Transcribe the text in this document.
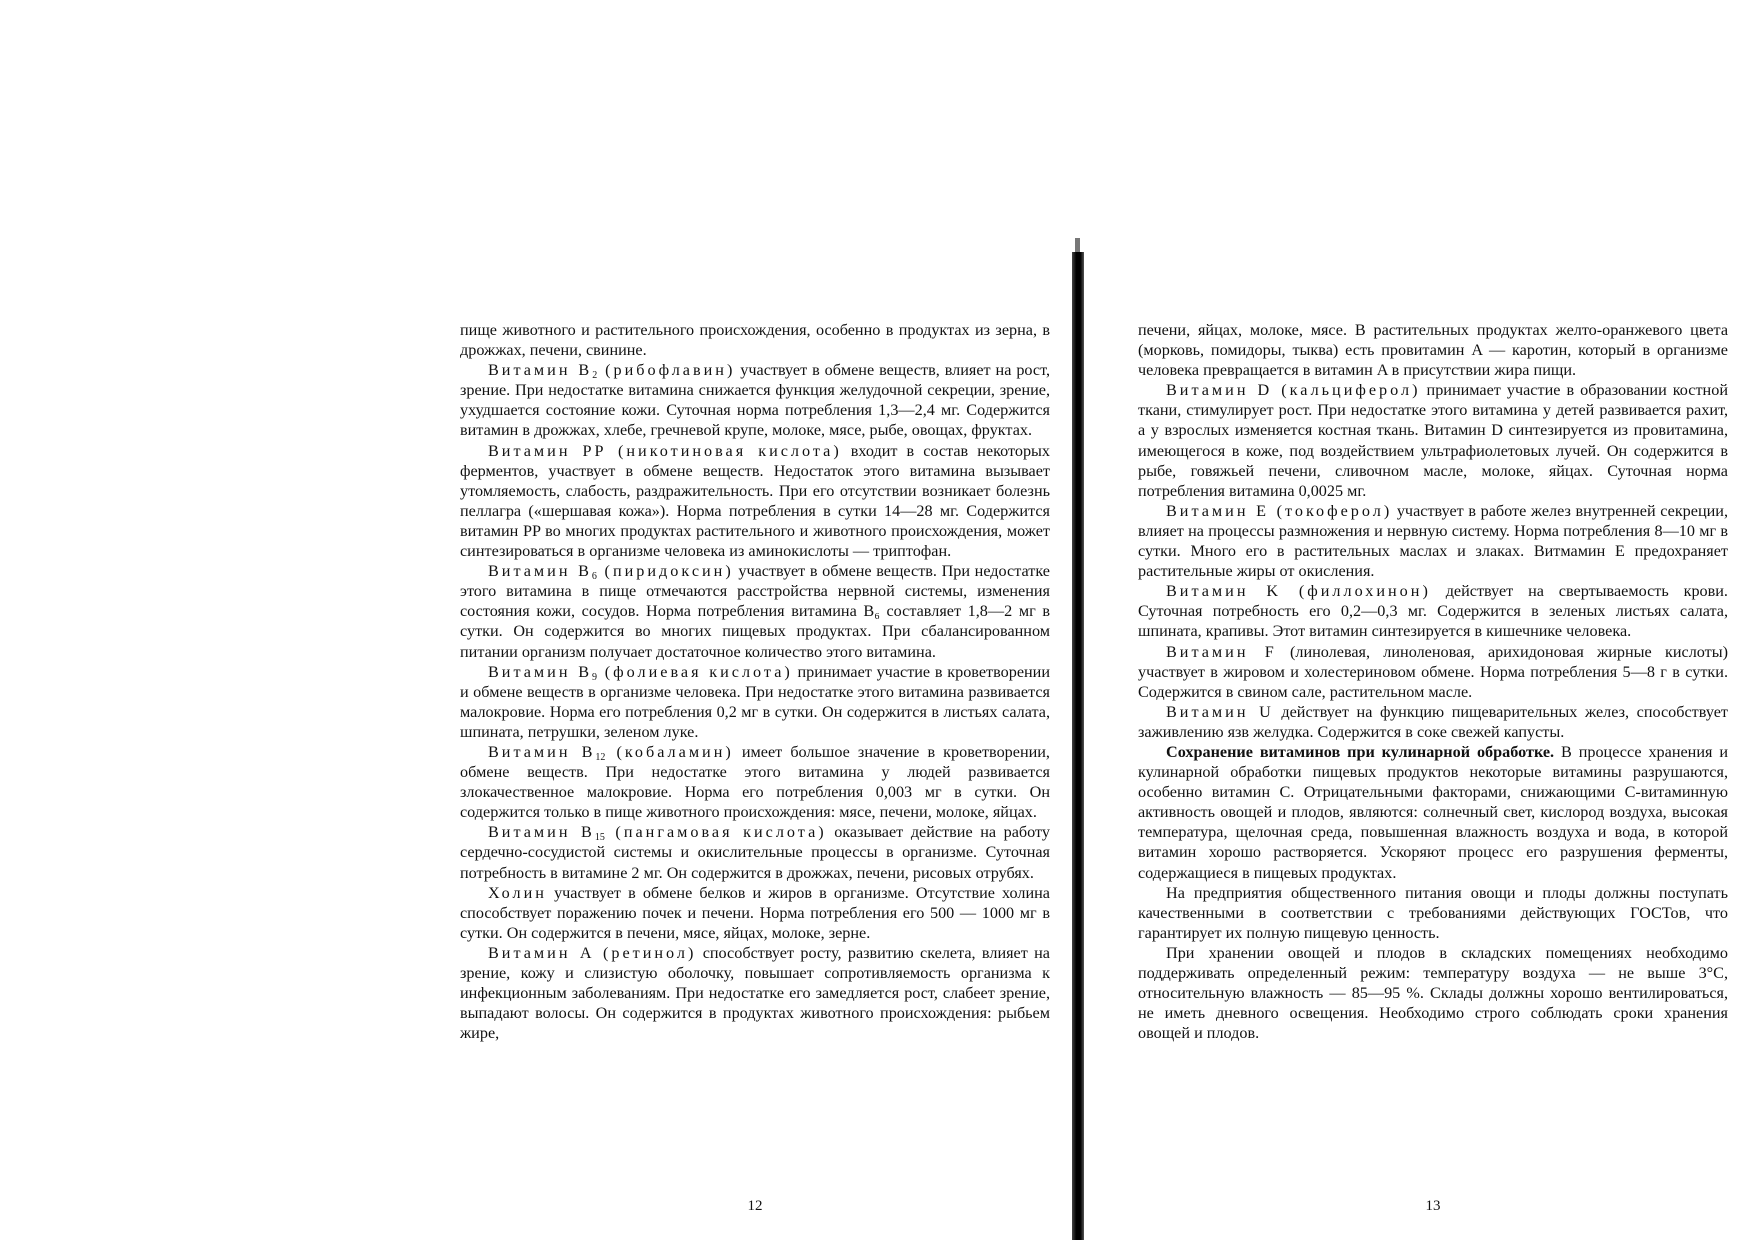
пище животного и растительного происхождения, особенно в продуктах из зерна, в дрожжах, печени, свинине.

Витамин $B_2$ (рибофлавин) участвует в обмене веществ, влияет на рост, зрение. При недостатке витамина снижается функция желудочной секреции, зрение, ухудшается состояние кожи. Суточная норма потребления 1,3—2,4 мг. Содержится витамин в дрожжах, хлебе, гречневой крупе, молоке, мясе, рыбе, овощах, фруктах.

Витамин PP (никотиновая кислота) входит в состав некоторых ферментов, участвует в обмене веществ. Недостаток этого витамина вызывает утомляемость, слабость, раздражительность. При его отсутствии возникает болезнь пеллагра («шершавая кожа»). Норма потребления в сутки 14—28 мг. Содержится витамин PP во многих продуктах растительного и животного происхождения, может синтезироваться в организме человека из аминокислоты — триптофан.

Витамин $B_6$ (пиридоксин) участвует в обмене веществ. При недостатке этого витамина в пище отмечаются расстройства нервной системы, изменения состояния кожи, сосудов. Норма потребления витамина B₆ составляет 1,8—2 мг в сутки. Он содержится во многих пищевых продуктах. При сбалансированном питании организм получает достаточное количество этого витамина.

Витамин $B_9$ (фолиевая кислота) принимает участие в кроветворении и обмене веществ в организме человека. При недостатке этого витамина развивается малокровие. Норма его потребления 0,2 мг в сутки. Он содержится в листьях салата, шпината, петрушки, зеленом луке.

Витамин $B_{12}$ (кобаламин) имеет большое значение в кроветворении, обмене веществ. При недостатке этого витамина у людей развивается злокачественное малокровие. Норма его потребления 0,003 мг в сутки. Он содержится только в пище животного происхождения: мясе, печени, молоке, яйцах.

Витамин $B_{15}$ (пангамовая кислота) оказывает действие на работу сердечно-сосудистой системы и окислительные процессы в организме. Суточная потребность в витамине 2 мг. Он содержится в дрожжах, печени, рисовых отрубях.

Холин участвует в обмене белков и жиров в организме. Отсутствие холина способствует поражению почек и печени. Норма потребления его 500 — 1000 мг в сутки. Он содержится в печени, мясе, яйцах, молоке, зерне.

Витамин A (ретинол) способствует росту, развитию скелета, влияет на зрение, кожу и слизистую оболочку, повышает сопротивляемость организма к инфекционным заболеваниям. При недостатке его замедляется рост, слабеет зрение, выпадают волосы. Он содержится в продуктах животного происхождения: рыбьем жире,

12

печени, яйцах, молоке, мясе. В растительных продуктах желто-оранжевого цвета (морковь, помидоры, тыква) есть провитамин A — каротин, который в организме человека превращается в витамин A в присутствии жира пищи.

Витамин D (кальциферол) принимает участие в образовании костной ткани, стимулирует рост. При недостатке этого витамина у детей развивается рахит, а у взрослых изменяется костная ткань. Витамин D синтезируется из провитамина, имеющегося в коже, под воздействием ультрафиолетовых лучей. Он содержится в рыбе, говяжьей печени, сливочном масле, молоке, яйцах. Суточная норма потребления витамина 0,0025 мг.

Витамин E (токоферол) участвует в работе желез внутренней секреции, влияет на процессы размножения и нервную систему. Норма потребления 8—10 мг в сутки. Много его в растительных маслах и злаках. Витмамин E предохраняет растительные жиры от окисления.

Витамин K (филлохинон) действует на свертываемость крови. Суточная потребность его 0,2—0,3 мг. Содержится в зеленых листьях салата, шпината, крапивы. Этот витамин синтезируется в кишечнике человека.

Витамин F (линолевая, линоленовая, арихидоновая жирные кислоты) участвует в жировом и холестериновом обмене. Норма потребления 5—8 г в сутки. Содержится в свином сале, растительном масле.

Витамин U действует на функцию пищеварительных желез, способствует заживлению язв желудка. Содержится в соке свежей капусты.

Сохранение витаминов при кулинарной обработке. В процессе хранения и кулинарной обработки пищевых продуктов некоторые витамины разрушаются, особенно витамин C. Отрицательными факторами, снижающими C-витаминную активность овощей и плодов, являются: солнечный свет, кислород воздуха, высокая температура, щелочная среда, повышенная влажность воздуха и вода, в которой витамин хорошо растворяется. Ускоряют процесс его разрушения ферменты, содержащиеся в пищевых продуктах.

На предприятия общественного питания овощи и плоды должны поступать качественными в соответствии с требованиями действующих ГОСТов, что гарантирует их полную пищевую ценность.

При хранении овощей и плодов в складских помещениях необходимо поддерживать определенный режим: температуру воздуха — не выше 3°C, относительную влажность — 85—95 %. Склады должны хорошо вентилироваться, не иметь дневного освещения. Необходимо строго соблюдать сроки хранения овощей и плодов.

13
